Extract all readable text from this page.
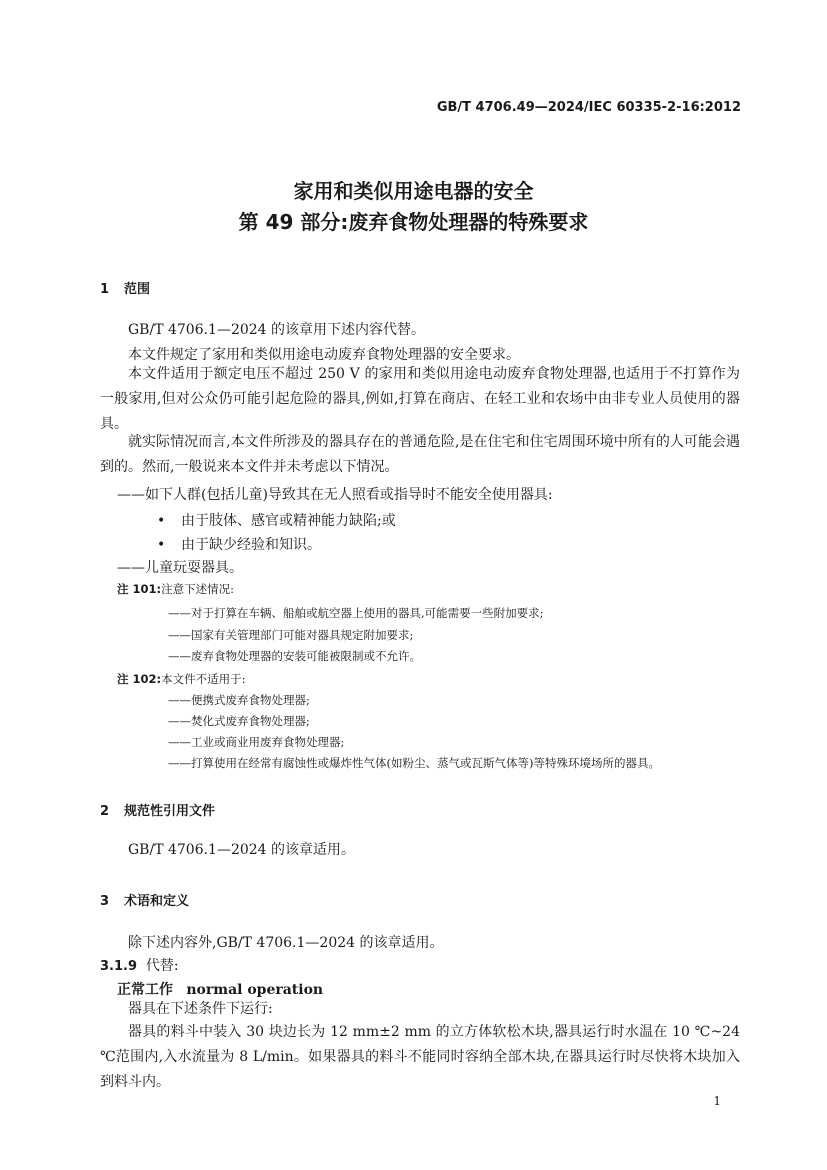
GB/T 4706.49—2024/IEC 60335-2-16:2012
家用和类似用途电器的安全
第 49 部分:废弃食物处理器的特殊要求
1 范围
GB/T 4706.1—2024 的该章用下述内容代替。
本文件规定了家用和类似用途电动废弃食物处理器的安全要求。
本文件适用于额定电压不超过 250 V 的家用和类似用途电动废弃食物处理器,也适用于不打算作为一般家用,但对公众仍可能引起危险的器具,例如,打算在商店、在轻工业和农场中由非专业人员使用的器具。
就实际情况而言,本文件所涉及的器具存在的普通危险,是在住宅和住宅周围环境中所有的人可能会遇到的。然而,一般说来本文件并未考虑以下情况。
——如下人群(包括儿童)导致其在无人照看或指导时不能安全使用器具:
• 由于肢体、感官或精神能力缺陷;或
• 由于缺少经验和知识。
——儿童玩耍器具。
注 101:注意下述情况:
——对于打算在车辆、船舶或航空器上使用的器具,可能需要一些附加要求;
——国家有关管理部门可能对器具规定附加要求;
——废弃食物处理器的安装可能被限制或不允许。
注 102:本文件不适用于:
——便携式废弃食物处理器;
——焚化式废弃食物处理器;
——工业或商业用废弃食物处理器;
——打算使用在经常有腐蚀性或爆炸性气体(如粉尘、蒸气或瓦斯气体等)等特殊环境场所的器具。
2 规范性引用文件
GB/T 4706.1—2024 的该章适用。
3 术语和定义
除下述内容外,GB/T 4706.1—2024 的该章适用。
3.1.9 代替:
正常工作 normal operation
器具在下述条件下运行:
器具的料斗中装入 30 块边长为 12 mm±2 mm 的立方体软松木块,器具运行时水温在 10 ℃~24 ℃范围内,入水流量为 8 L/min。如果器具的料斗不能同时容纳全部木块,在器具运行时尽快将木块加入到料斗内。
1
